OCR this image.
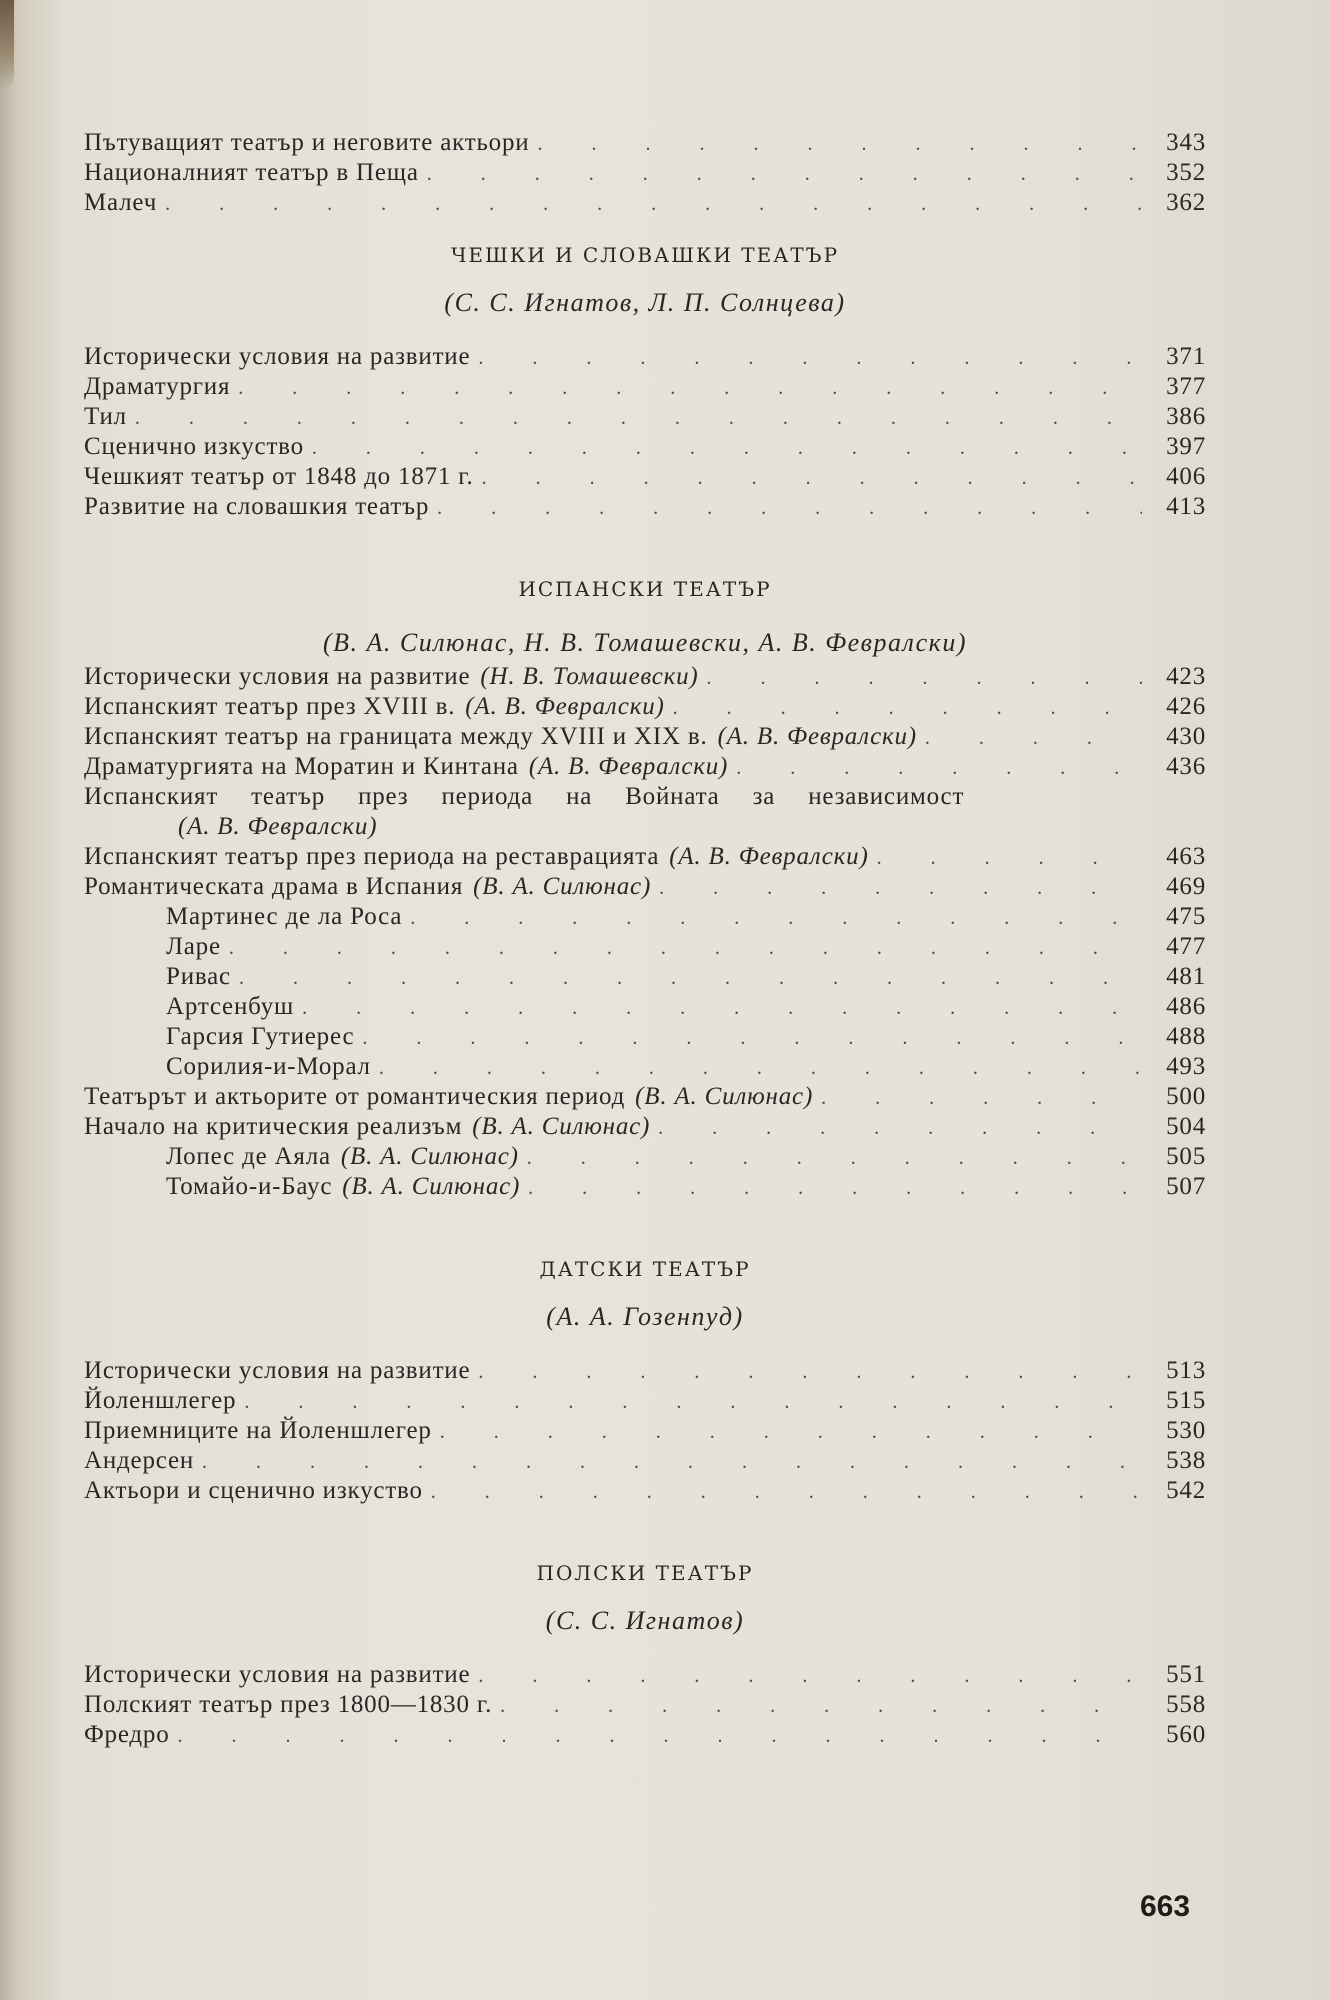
Пътуващият театър и неговите актьори . . .	343
Националният театър в Пеща . . .	352
Малеч . . .	362
ЧЕШКИ И СЛОВАШКИ ТЕАТЪР
(С. С. Игнатов, Л. П. Солнцева)
Исторически условия на развитие . . .	371
Драматургия . . .	377
Тил . . .	386
Сценично изкуство . . .	397
Чешкият театър от 1848 до 1871 г. . . .	406
Развитие на словашкия театър . . .	413
ИСПАНСКИ ТЕАТЪР
(В. А. Силюнас, Н. В. Томашевски, А. В. Февралски)
Исторически условия на развитие (Н. В. Томашевски) . . .	423
Испанският театър през XVIII в. (А. В. Февралски) . . .	426
Испанският театър на границата между XVIII и XIX в. (А. В. Февралски) . . .	430
Драматургията на Моратин и Кинтана (А. В. Февралски) . . .	436
Испанският театър през периода на Войната за независимост
(А. В. Февралски)
Испанският театър през периода на реставрацията (А. В. Февралски) . . .	463
Романтическата драма в Испания (В. А. Силюнас) . . .	469
Мартинес де ла Роса . . .	475
Ларе . . .	477
Ривас . . .	481
Артсенбуш . . .	486
Гарсия Гутиерес . . .	488
Сорилия-и-Морал . . .	493
Театърът и актьорите от романтическия период (В. А. Силюнас) . . .	500
Начало на критическия реализъм (В. А. Силюнас) . . .	504
Лопес де Аяла (В. А. Силюнас) . . .	505
Томайо-и-Баус (В. А. Силюнас) . . .	507
ДАТСКИ ТЕАТЪР
(А. А. Гозенпуд)
Исторически условия на развитие . . .	513
Йоленшлегер . . .	515
Приемниците на Йоленшлегер . . .	530
Андерсен . . .	538
Актьори и сценично изкуство . . .	542
ПОЛСКИ ТЕАТЪР
(С. С. Игнатов)
Исторически условия на развитие . . .	551
Полският театър през 1800—1830 г. . . .	558
Фредро . . .	560
663
